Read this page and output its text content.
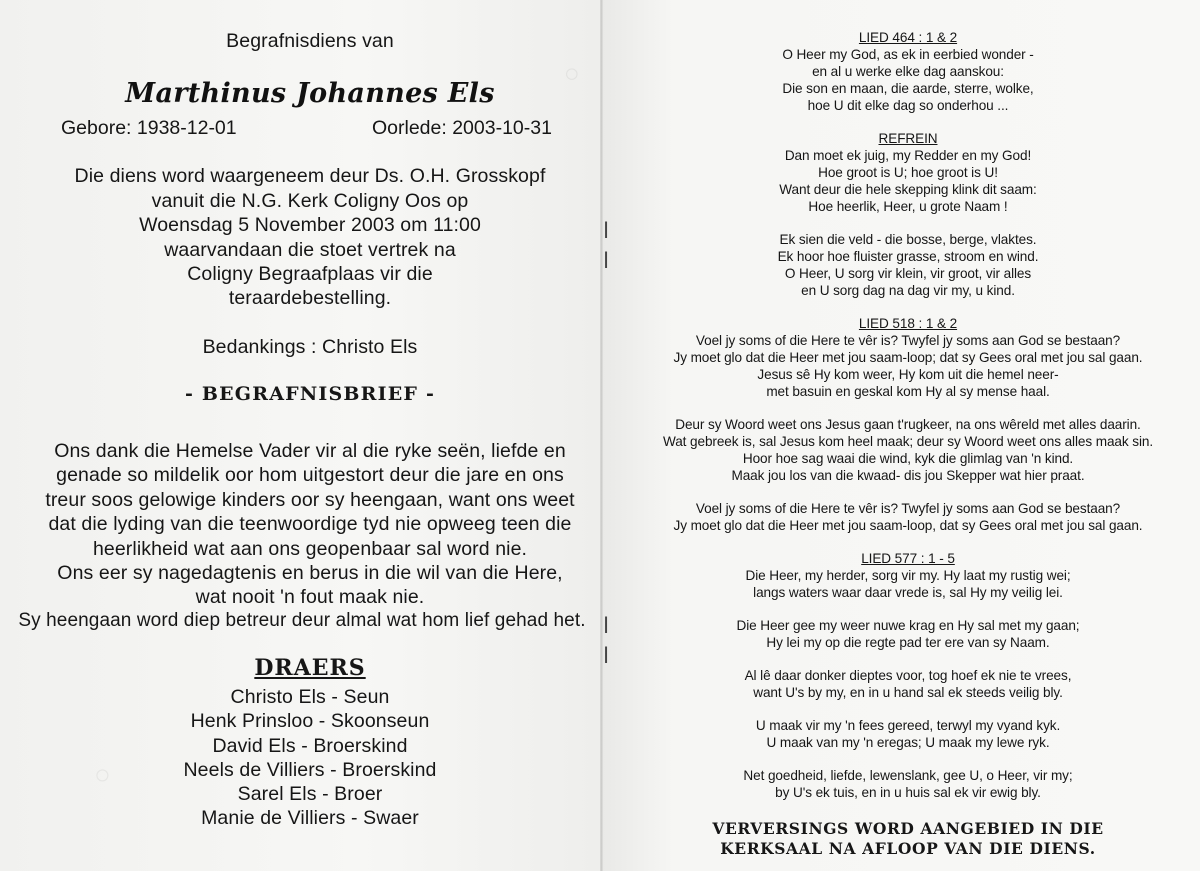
◦
◦
ⅼ
ⅼ
ⅼ
ⅼ
Begrafnisdiens van
Marthinus Johannes Els
Gebore: 1938-12-01	Oorlede: 2003-10-31
Die diens word waargeneem deur Ds. O.H. Grosskopf
vanuit die N.G. Kerk Coligny Oos op
Woensdag 5 November 2003 om 11:00
waarvandaan die stoet vertrek na
Coligny Begraafplaas vir die
teraardebestelling.
Bedankings : Christo Els
- BEGRAFNISBRIEF -
Ons dank die Hemelse Vader vir al die ryke seën, liefde en
genade so mildelik oor hom uitgestort deur die jare en ons
treur soos gelowige kinders oor sy heengaan, want ons weet
dat die lyding van die teenwoordige tyd nie opweeg teen die
heerlikheid wat aan ons geopenbaar sal word nie.
Ons eer sy nagedagtenis en berus in die wil van die Here,
wat nooit 'n fout maak nie.
Sy heengaan word diep betreur deur almal wat hom lief gehad het.
DRAERS
Christo Els - Seun
Henk Prinsloo - Skoonseun
David Els - Broerskind
Neels de Villiers - Broerskind
Sarel Els - Broer
Manie de Villiers - Swaer
LIED 464 : 1 & 2
O Heer my God, as ek in eerbied wonder -
en al u werke elke dag aanskou:
Die son en maan, die aarde, sterre, wolke,
hoe U dit elke dag so onderhou ...
REFREIN
Dan moet ek juig, my Redder en my God!
Hoe groot is U; hoe groot is U!
Want deur die hele skepping klink dit saam:
Hoe heerlik, Heer, u grote Naam !
Ek sien die veld - die bosse, berge, vlaktes.
Ek hoor hoe fluister grasse, stroom en wind.
O Heer, U sorg vir klein, vir groot, vir alles
en U sorg dag na dag vir my, u kind.
LIED 518 : 1 & 2
Voel jy soms of die Here te vêr is? Twyfel jy soms aan God se bestaan?
Jy moet glo dat die Heer met jou saam-loop; dat sy Gees oral met jou sal gaan.
Jesus sê Hy kom weer, Hy kom uit die hemel neer-
met basuin en geskal kom Hy al sy mense haal.
Deur sy Woord weet ons Jesus gaan t'rugkeer, na ons wêreld met alles daarin.
Wat gebreek is, sal Jesus kom heel maak; deur sy Woord weet ons alles maak sin.
Hoor hoe sag waai die wind, kyk die glimlag van 'n kind.
Maak jou los van die kwaad- dis jou Skepper wat hier praat.
Voel jy soms of die Here te vêr is? Twyfel jy soms aan God se bestaan?
Jy moet glo dat die Heer met jou saam-loop, dat sy Gees oral met jou sal gaan.
LIED 577 : 1 - 5
Die Heer, my herder, sorg vir my. Hy laat my rustig wei;
langs waters waar daar vrede is, sal Hy my veilig lei.
Die Heer gee my weer nuwe krag en Hy sal met my gaan;
Hy lei my op die regte pad ter ere van sy Naam.
Al lê daar donker dieptes voor, tog hoef ek nie te vrees,
want U's by my, en in u hand sal ek steeds veilig bly.
U maak vir my 'n fees gereed, terwyl my vyand kyk.
U maak van my 'n eregas; U maak my lewe ryk.
Net goedheid, liefde, lewenslank, gee U, o Heer, vir my;
by U's ek tuis, en in u huis sal ek vir ewig bly.
VERVERSINGS WORD AANGEBIED IN DIE
KERKSAAL NA AFLOOP VAN DIE DIENS.
